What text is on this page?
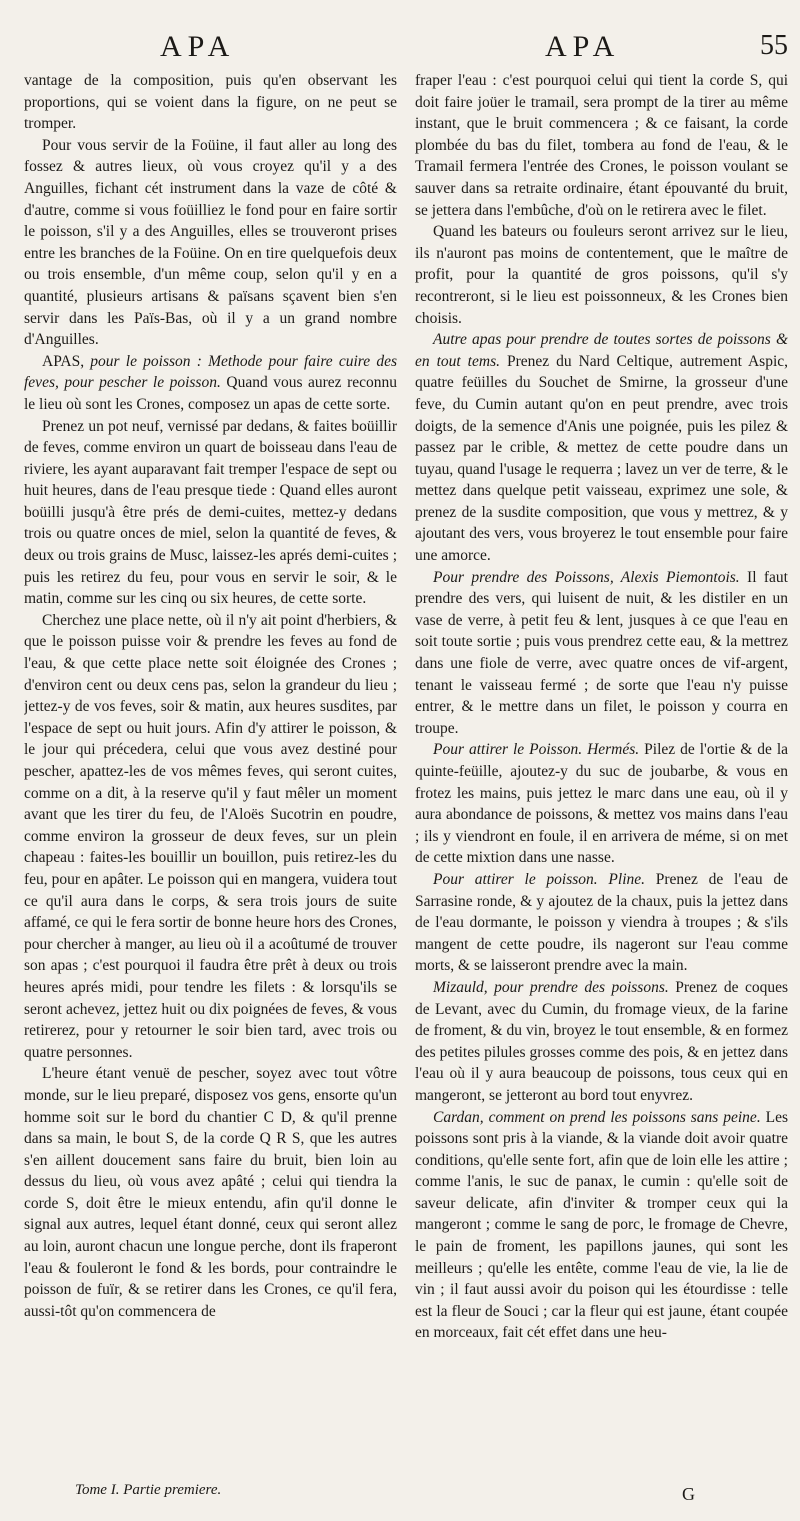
APA	APA	55

vantage de la composition, puis qu'en observant les proportions, qui se voient dans la figure, on ne peut se tromper.

Pour vous servir de la Foüine, il faut aller au long des fossez & autres lieux, où vous croyez qu'il y a des Anguilles, fichant cét instrument dans la vaze de côté & d'autre, comme si vous foüilliez le fond pour en faire sortir le poisson, s'il y a des Anguilles, elles se trouveront prises entre les branches de la Foüine. On en tire quelquefois deux ou trois ensemble, d'un même coup, selon qu'il y en a quantité, plusieurs artisans & païsans sçavent bien s'en servir dans les Païs-Bas, où il y a un grand nombre d'Anguilles.

APAS, pour le poisson : Methode pour faire cuire des feves, pour pescher le poisson. Quand vous aurez reconnu le lieu où sont les Crones, composez un apas de cette sorte.

Prenez un pot neuf, vernissé par dedans, & faites boüillir de feves, comme environ un quart de boisseau dans l'eau de riviere, les ayant auparavant fait tremper l'espace de sept ou huit heures, dans de l'eau presque tiede : Quand elles auront boüilli jusqu'à être prés de demi-cuites, mettez-y dedans trois ou quatre onces de miel, selon la quantité de feves, & deux ou trois grains de Musc, laissez-les aprés demi-cuites ; puis les retirez du feu, pour vous en servir le soir, & le matin, comme sur les cinq ou six heures, de cette sorte.

Cherchez une place nette, où il n'y ait point d'herbiers, & que le poisson puisse voir & prendre les feves au fond de l'eau, & que cette place nette soit éloignée des Crones ; d'environ cent ou deux cens pas, selon la grandeur du lieu ; jettez-y de vos feves, soir & matin, aux heures susdites, par l'espace de sept ou huit jours. Afin d'y attirer le poisson, & le jour qui précedera, celui que vous avez destiné pour pescher, apattez-les de vos mêmes feves, qui seront cuites, comme on a dit, à la reserve qu'il y faut mêler un moment avant que les tirer du feu, de l'Aloës Sucotrin en poudre, comme environ la grosseur de deux feves, sur un plein chapeau : faites-les bouillir un bouillon, puis retirez-les du feu, pour en apâter. Le poisson qui en mangera, vuidera tout ce qu'il aura dans le corps, & sera trois jours de suite affamé, ce qui le fera sortir de bonne heure hors des Crones, pour chercher à manger, au lieu où il a acoûtumé de trouver son apas ; c'est pourquoi il faudra être prêt à deux ou trois heures aprés midi, pour tendre les filets : & lorsqu'ils se seront achevez, jettez huit ou dix poignées de feves, & vous retirerez, pour y retourner le soir bien tard, avec trois ou quatre personnes.

L'heure étant venuë de pescher, soyez avec tout vôtre monde, sur le lieu preparé, disposez vos gens, ensorte qu'un homme soit sur le bord du chantier C D, & qu'il prenne dans sa main, le bout S, de la corde Q R S, que les autres s'en aillent doucement sans faire du bruit, bien loin au dessus du lieu, où vous avez apâté ; celui qui tiendra la corde S, doit être le mieux entendu, afin qu'il donne le signal aux autres, lequel étant donné, ceux qui seront allez au loin, auront chacun une longue perche, dont ils fraperont l'eau & fouleront le fond & les bords, pour contraindre le poisson de fuïr, & se retirer dans les Crones, ce qu'il fera, aussi-tôt qu'on commencera de

fraper l'eau : c'est pourquoi celui qui tient la corde S, qui doit faire joüer le tramail, sera prompt de la tirer au même instant, que le bruit commencera ; & ce faisant, la corde plombée du bas du filet, tombera au fond de l'eau, & le Tramail fermera l'entrée des Crones, le poisson voulant se sauver dans sa retraite ordinaire, étant épouvanté du bruit, se jettera dans l'embûche, d'où on le retirera avec le filet.

Quand les bateurs ou fouleurs seront arrivez sur le lieu, ils n'auront pas moins de contentement, que le maître de profit, pour la quantité de gros poissons, qu'il s'y recontreront, si le lieu est poissonneux, & les Crones bien choisis.

Autre apas pour prendre de toutes sortes de poissons & en tout tems. Prenez du Nard Celtique, autrement Aspic, quatre feüilles du Souchet de Smirne, la grosseur d'une feve, du Cumin autant qu'on en peut prendre, avec trois doigts, de la semence d'Anis une poignée, puis les pilez & passez par le crible, & mettez de cette poudre dans un tuyau, quand l'usage le requerra ; lavez un ver de terre, & le mettez dans quelque petit vaisseau, exprimez une sole, & prenez de la susdite composition, que vous y mettrez, & y ajoutant des vers, vous broyerez le tout ensemble pour faire une amorce.

Pour prendre des Poissons, Alexis Piemontois. Il faut prendre des vers, qui luisent de nuit, & les distiler en un vase de verre, à petit feu & lent, jusques à ce que l'eau en soit toute sortie ; puis vous prendrez cette eau, & la mettrez dans une fiole de verre, avec quatre onces de vif-argent, tenant le vaisseau fermé ; de sorte que l'eau n'y puisse entrer, & le mettre dans un filet, le poisson y courra en troupe.

Pour attirer le Poisson. Hermés. Pilez de l'ortie & de la quinte-feüille, ajoutez-y du suc de joubarbe, & vous en frotez les mains, puis jettez le marc dans une eau, où il y aura abondance de poissons, & mettez vos mains dans l'eau ; ils y viendront en foule, il en arrivera de méme, si on met de cette mixtion dans une nasse.

Pour attirer le poisson. Pline. Prenez de l'eau de Sarrasine ronde, & y ajoutez de la chaux, puis la jettez dans de l'eau dormante, le poisson y viendra à troupes ; & s'ils mangent de cette poudre, ils nageront sur l'eau comme morts, & se laisseront prendre avec la main.

Mizauld, pour prendre des poissons. Prenez de coques de Levant, avec du Cumin, du fromage vieux, de la farine de froment, & du vin, broyez le tout ensemble, & en formez des petites pilules grosses comme des pois, & en jettez dans l'eau où il y aura beaucoup de poissons, tous ceux qui en mangeront, se jetteront au bord tout enyvrez.

Cardan, comment on prend les poissons sans peine. Les poissons sont pris à la viande, & la viande doit avoir quatre conditions, qu'elle sente fort, afin que de loin elle les attire ; comme l'anis, le suc de panax, le cumin : qu'elle soit de saveur delicate, afin d'inviter & tromper ceux qui la mangeront ; comme le sang de porc, le fromage de Chevre, le pain de froment, les papillons jaunes, qui sont les meilleurs ; qu'elle les entête, comme l'eau de vie, la lie de vin ; il faut aussi avoir du poison qui les étourdisse : telle est la fleur de Souci ; car la fleur qui est jaune, étant coupée en morceaux, fait cét effet dans une heu-

Tome I. Partie premiere.	G
